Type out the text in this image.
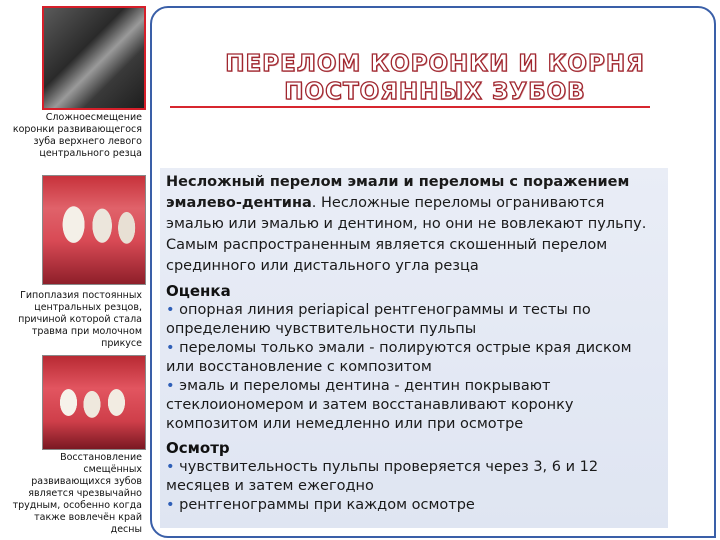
Сложноесмещение коронки развивающегося зуба верхнего левого центрального резца
Гипоплазия постоянных центральных резцов, причиной которой стала травма при молочном прикусе
Восстановление смещённых развивающихся зубов является чрезвычайно трудным, особенно когда также вовлечён край десны
ПЕРЕЛОМ КОРОНКИ И КОРНЯ
ПОСТОЯННЫХ ЗУБОВ
Несложный перелом эмали и переломы с поражением эмалево-дентина. Несложные переломы ограниваются эмалью или эмалью и дентином, но они не вовлекают пульпу. Самым распространенным является скошенный перелом срединного или дистального угла резца
Оценка
• опорная линия periapical рентгенограммы и тесты по определению чувствительности пульпы
• переломы только эмали - полируются острые края диском или восстановление с композитом
• эмаль и переломы дентина - дентин покрывают стеклоиономером и затем восстанавливают коронку композитом или немедленно или при осмотре
Осмотр
• чувствительность пульпы проверяется через 3, 6 и 12 месяцев и затем ежегодно
• рентгенограммы при каждом осмотре
